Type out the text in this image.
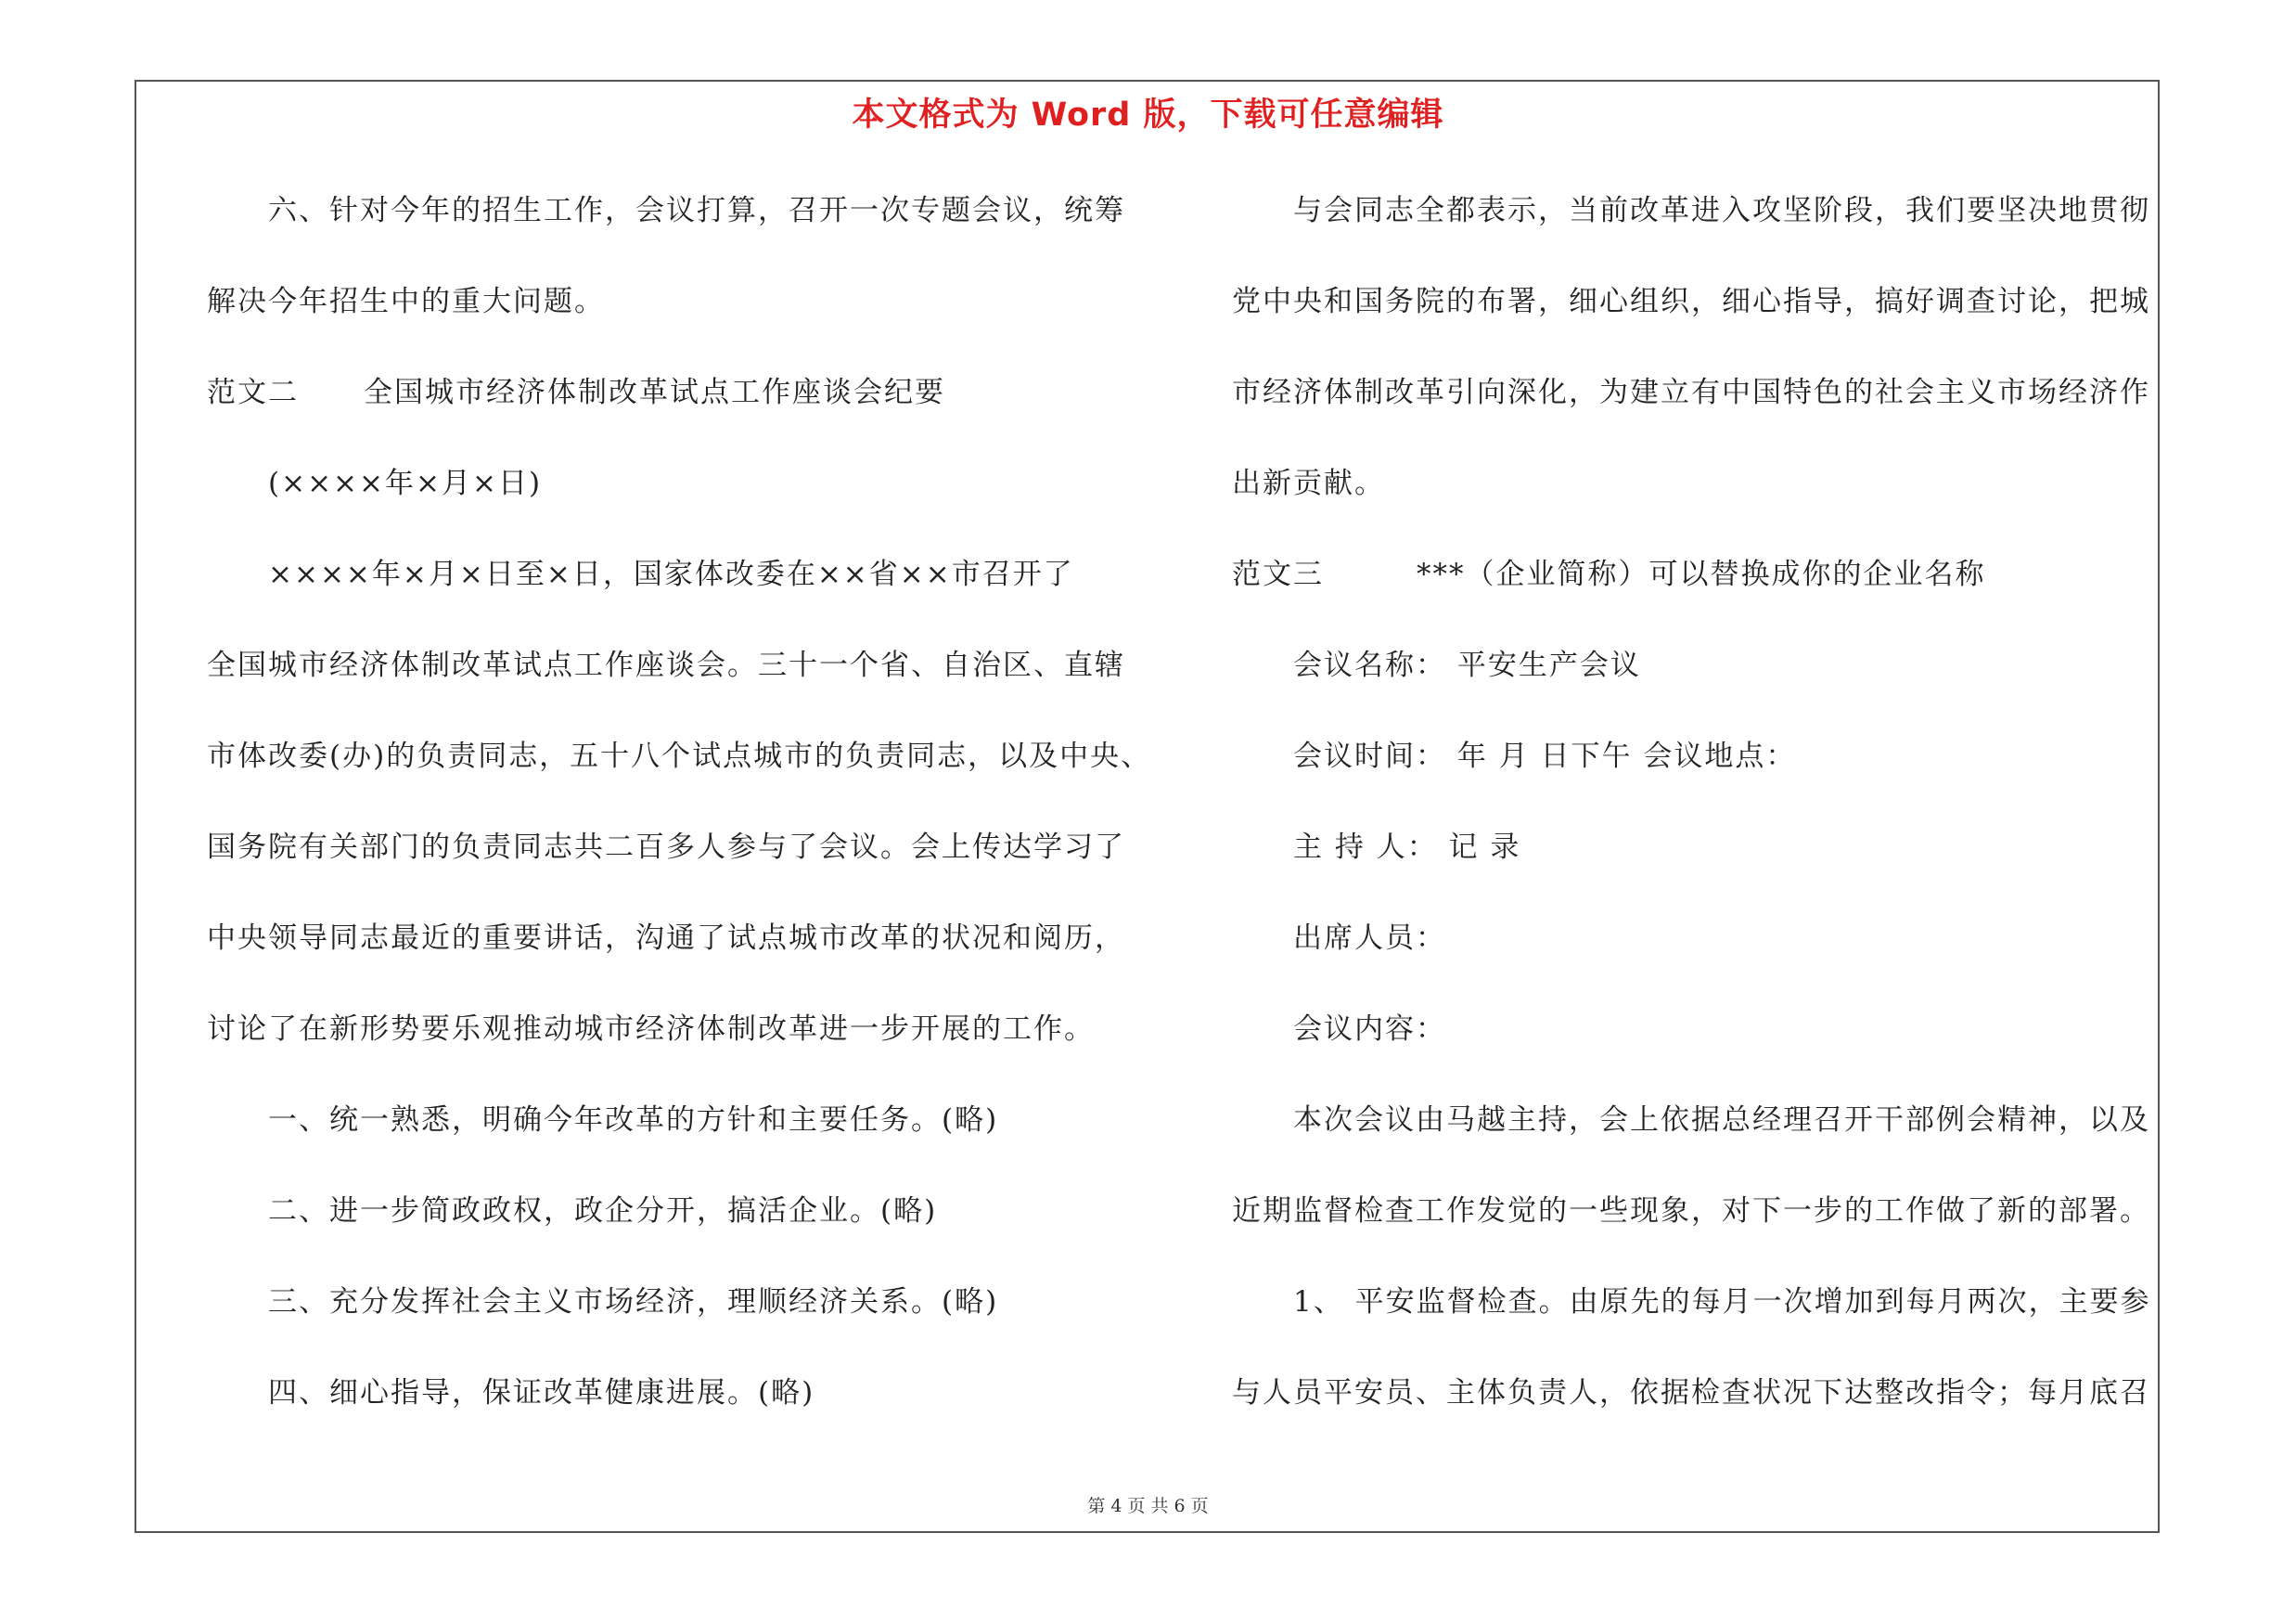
本文格式为 Word 版，下载可任意编辑
六、针对今年的招生工作，会议打算，召开一次专题会议，统筹
解决今年招生中的重大问题。
范文二 全国城市经济体制改革试点工作座谈会纪要
(××××年×月×日)
××××年×月×日至×日，国家体改委在××省××市召开了
全国城市经济体制改革试点工作座谈会。三十一个省、自治区、直辖
市体改委(办)的负责同志，五十八个试点城市的负责同志，以及中央、
国务院有关部门的负责同志共二百多人参与了会议。会上传达学习了
中央领导同志最近的重要讲话，沟通了试点城市改革的状况和阅历，
讨论了在新形势要乐观推动城市经济体制改革进一步开展的工作。
一、统一熟悉，明确今年改革的方针和主要任务。(略)
二、进一步简政政权，政企分开，搞活企业。(略)
三、充分发挥社会主义市场经济，理顺经济关系。(略)
四、细心指导，保证改革健康进展。(略)
与会同志全都表示，当前改革进入攻坚阶段，我们要坚决地贯彻
党中央和国务院的布署，细心组织，细心指导，搞好调查讨论，把城
市经济体制改革引向深化，为建立有中国特色的社会主义市场经济作
出新贡献。
范文三	***（企业简称）可以替换成你的企业名称
会议名称： 平安生产会议
会议时间： 年 月 日下午 会议地点：
主 持 人： 记 录
出席人员：
会议内容：
本次会议由马越主持，会上依据总经理召开干部例会精神，以及
近期监督检查工作发觉的一些现象，对下一步的工作做了新的部署。
1、 平安监督检查。由原先的每月一次增加到每月两次，主要参
与人员平安员、主体负责人，依据检查状况下达整改指令；每月底召
第 4 页 共 6 页
